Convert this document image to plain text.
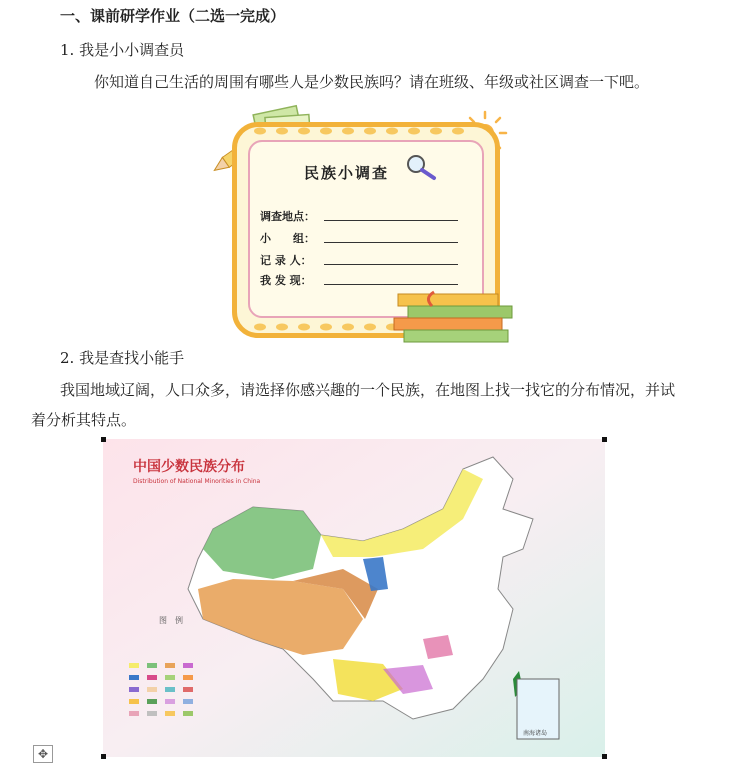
一、课前研学作业（二选一完成）
1. 我是小小调查员
你知道自己生活的周围有哪些人是少数民族吗？请在班级、年级或社区调查一下吧。
民族小调查
调查地点：
小　　组：
记 录 人：
我 发 现：
2. 我是查找小能手
我国地域辽阔，人口众多，请选择你感兴趣的一个民族，在地图上找一找它的分布情况，并试
着分析其特点。
中国少数民族分布
Distribution of National Minorities in China
图　例
南海诸岛
✥
